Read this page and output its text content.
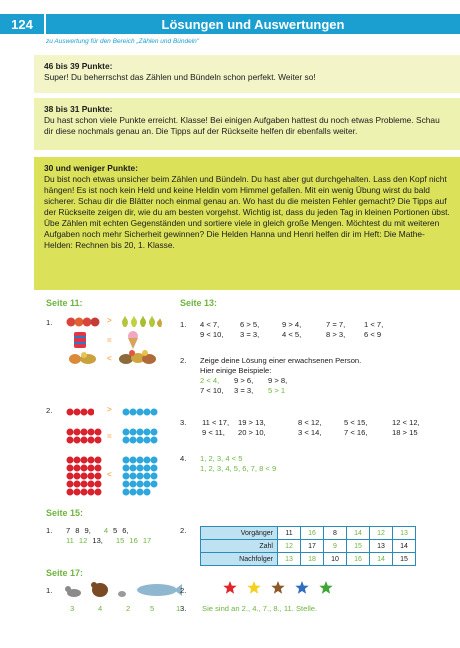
124	Lösungen und Auswertungen
zu Auswertung für den Bereich „Zählen und Bündeln"

46 bis 39 Punkte:

Super! Du beherrschst das Zählen und Bündeln schon perfekt. Weiter so!

38 bis 31 Punkte:

Du hast schon viele Punkte erreicht. Klasse! Bei einigen Aufgaben hattest du noch etwas Probleme. Schau dir diese nochmals genau an. Die Tipps auf der Rückseite helfen dir ebenfalls weiter.

30 und weniger Punkte:

Du bist noch etwas unsicher beim Zählen und Bündeln. Du hast aber gut durchgehalten. Lass den Kopf nicht hängen! Es ist noch kein Held und keine Heldin vom Himmel gefallen. Mit ein wenig Übung wirst du bald sicherer. Schau dir die Blätter noch einmal genau an. Wo hast du die meisten Fehler gemacht? Die Tipps auf der Rückseite zeigen dir, wie du am besten vorgehst. Wichtig ist, dass du jeden Tag in kleinen Portionen übst. Übe Zählen mit echten Gegenständen und sortiere viele in gleich große Mengen. Möchtest du mit weiteren Aufgaben noch mehr Sicherheit gewinnen? Die Helden Hanna und Henri helfen dir im Heft: Die Mathe-Helden: Rechnen bis 20, 1. Klasse.

Seite 11:
1.	>
=
<
2.	>
=
<
Seite 13:
1. 4 < 7,	6 > 5,	9 > 4,	7 = 7,	1 < 7,
9 < 10,	3 = 3,	4 < 5,	8 > 3,	6 < 9
2. Zeige deine Lösung einer erwachsenen Person.
Hier einige Beispiele:
2 < 4,	9 > 6,	9 > 8,
7 < 10,	3 = 3,	5 > 1
3. 11 < 17,	19 > 13,	8 < 12,	5 < 15,	12 < 12,
9 < 11,	20 > 10,	3 < 14,	7 < 16,	18 > 15
4. 1, 2, 3, 4 < 5
1, 2, 3, 4, 5, 6, 7, 8 < 9
Seite 15:
1. 7 8 9, 4 5 6,
11 12 13, 15 16 17
2.	Vorgänger	11	16	8	14	12	13
Zahl	12	17	9	15	13	14
Nachfolger	13	18	10	16	14	15
Seite 17:
1.
3	4	2	5	1
2.
3. Sie sind an 2., 4., 7., 8., 11. Stelle.
